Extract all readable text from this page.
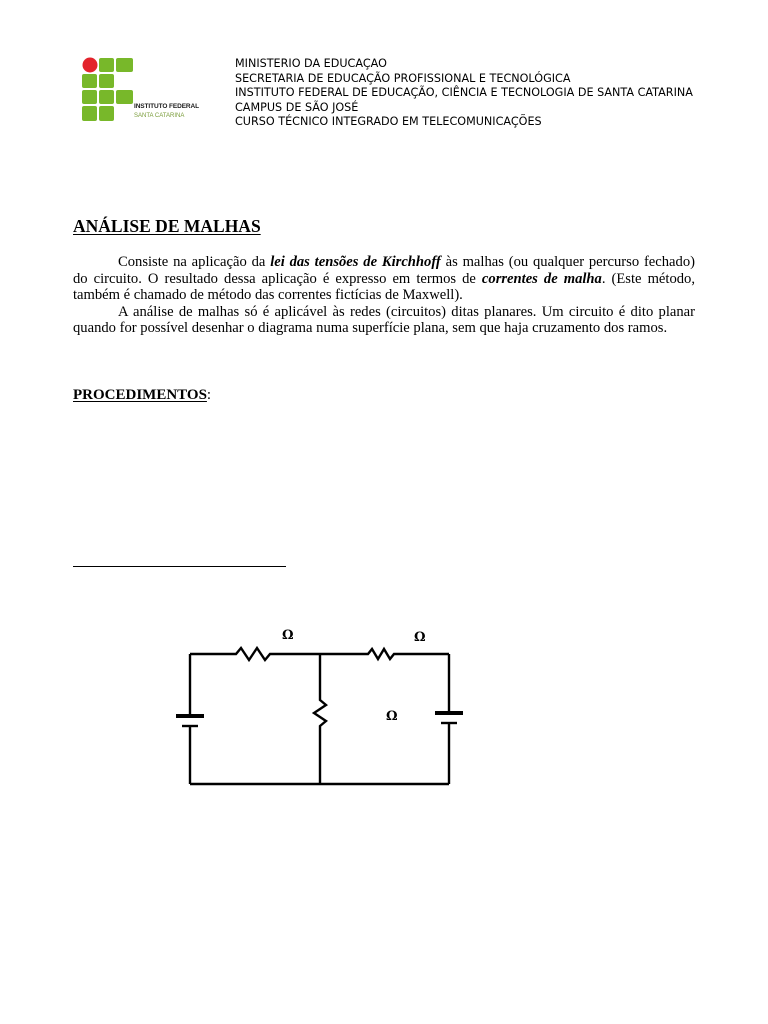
INSTITUTO FEDERAL
SANTA CATARINA
MINISTERIO DA EDUCAÇAO
SECRETARIA DE EDUCAÇÃO PROFISSIONAL E TECNOLÓGICA
INSTITUTO FEDERAL DE EDUCAÇÃO, CIÊNCIA E TECNOLOGIA DE SANTA CATARINA
CAMPUS DE SÃO JOSÉ
CURSO TÉCNICO INTEGRADO EM TELECOMUNICAÇÕES
ANÁLISE DE MALHAS

Consiste na aplicação da lei das tensões de Kirchhoff às malhas (ou qualquer percurso fechado) do circuito. O resultado dessa aplicação é expresso em termos de correntes de malha. (Este método, também é chamado de método das correntes fictícias de Maxwell).

A análise de malhas só é aplicável às redes (circuitos) ditas planares. Um circuito é dito planar quando for possível desenhar o diagrama numa superfície plana, sem que haja cruzamento dos ramos.

PROCEDIMENTOS:
Ω	Ω
Ω
